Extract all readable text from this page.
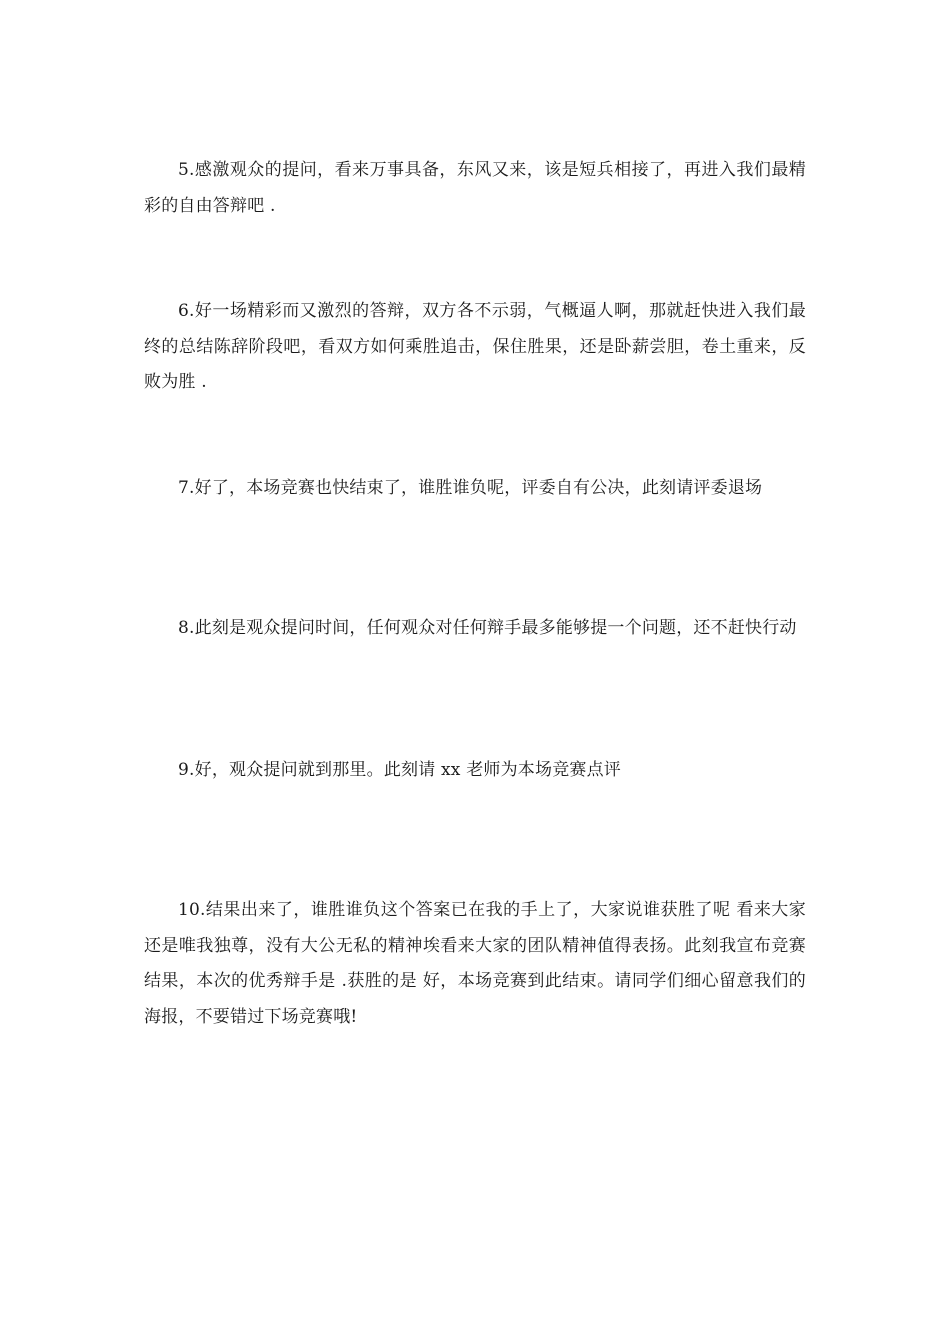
5.感激观众的提问，看来万事具备，东风又来，该是短兵相接了，再进入我们最精彩的自由答辩吧 .

6.好一场精彩而又激烈的答辩，双方各不示弱，气概逼人啊，那就赶快进入我们最终的总结陈辞阶段吧，看双方如何乘胜追击，保住胜果，还是卧薪尝胆，卷土重来，反败为胜 .

7.好了，本场竞赛也快结束了，谁胜谁负呢，评委自有公决，此刻请评委退场

8.此刻是观众提问时间，任何观众对任何辩手最多能够提一个问题，还不赶快行动

9.好，观众提问就到那里。此刻请 xx 老师为本场竞赛点评

10.结果出来了，谁胜谁负这个答案已在我的手上了，大家说谁获胜了呢 看来大家还是唯我独尊，没有大公无私的精神埃看来大家的团队精神值得表扬。此刻我宣布竞赛结果，本次的优秀辩手是 .获胜的是 好，本场竞赛到此结束。请同学们细心留意我们的海报，不要错过下场竞赛哦!
